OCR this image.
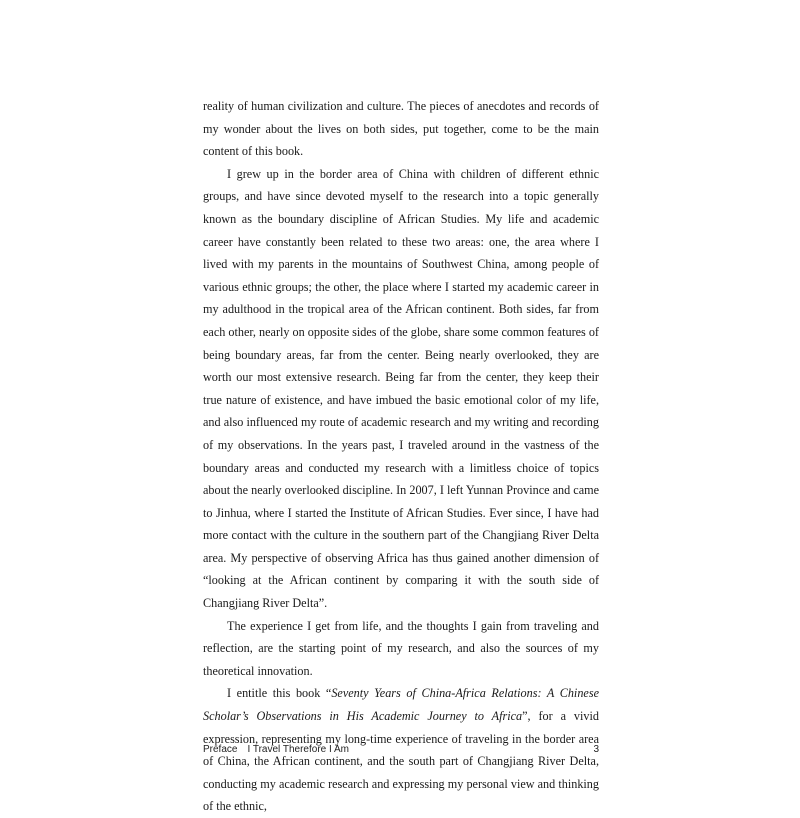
reality of human civilization and culture. The pieces of anecdotes and records of my wonder about the lives on both sides, put together, come to be the main content of this book.

I grew up in the border area of China with children of different ethnic groups, and have since devoted myself to the research into a topic generally known as the boundary discipline of African Studies. My life and academic career have constantly been related to these two areas: one, the area where I lived with my parents in the mountains of Southwest China, among people of various ethnic groups; the other, the place where I started my academic career in my adulthood in the tropical area of the African continent. Both sides, far from each other, nearly on opposite sides of the globe, share some common features of being boundary areas, far from the center. Being nearly overlooked, they are worth our most extensive research. Being far from the center, they keep their true nature of existence, and have imbued the basic emotional color of my life, and also influenced my route of academic research and my writing and recording of my observations. In the years past, I traveled around in the vastness of the boundary areas and conducted my research with a limitless choice of topics about the nearly overlooked discipline. In 2007, I left Yunnan Province and came to Jinhua, where I started the Institute of African Studies. Ever since, I have had more contact with the culture in the southern part of the Changjiang River Delta area. My perspective of observing Africa has thus gained another dimension of “looking at the African continent by comparing it with the south side of Changjiang River Delta”.

The experience I get from life, and the thoughts I gain from traveling and reflection, are the starting point of my research, and also the sources of my theoretical innovation.

I entitle this book “Seventy Years of China-Africa Relations: A Chinese Scholar’s Observations in His Academic Journey to Africa”, for a vivid expression, representing my long-time experience of traveling in the border area of China, the African continent, and the south part of Changjiang River Delta, conducting my academic research and expressing my personal view and thinking of the ethnic,

Preface I Travel Therefore I Am	3
